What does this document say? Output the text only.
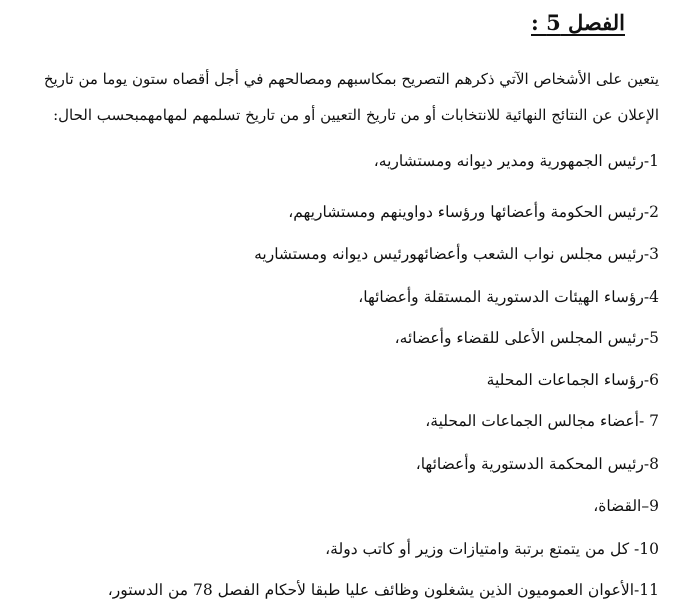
الفصل 5 :
يتعين على الأشخاص الآتي ذكرهم التصريح بمكاسبهم ومصالحهم في أجل أقصاه ستون يوما من تاريخ
الإعلان عن النتائج النهائية للانتخابات أو من تاريخ التعيين أو من تاريخ تسلمهم لمهامهمبحسب الحال:
1-رئيس الجمهورية ومدير ديوانه ومستشاريه،
2-رئيس الحكومة وأعضائها ورؤساء دواوينهم ومستشاريهم،
3-رئيس مجلس نواب الشعب وأعضائهورئيس ديوانه ومستشاريه
4-رؤساء الهيئات الدستورية المستقلة وأعضائها،
5-رئيس المجلس الأعلى للقضاء وأعضائه،
6-رؤساء الجماعات المحلية
7 -أعضاء مجالس الجماعات المحلية،
8-رئيس المحكمة الدستورية وأعضائها،
9–القضاة،
10- كل من يتمتع برتبة وامتيازات وزير أو كاتب دولة،
11-الأعوان العموميون الذين يشغلون وظائف عليا طبقا لأحكام الفصل 78 من الدستور،
